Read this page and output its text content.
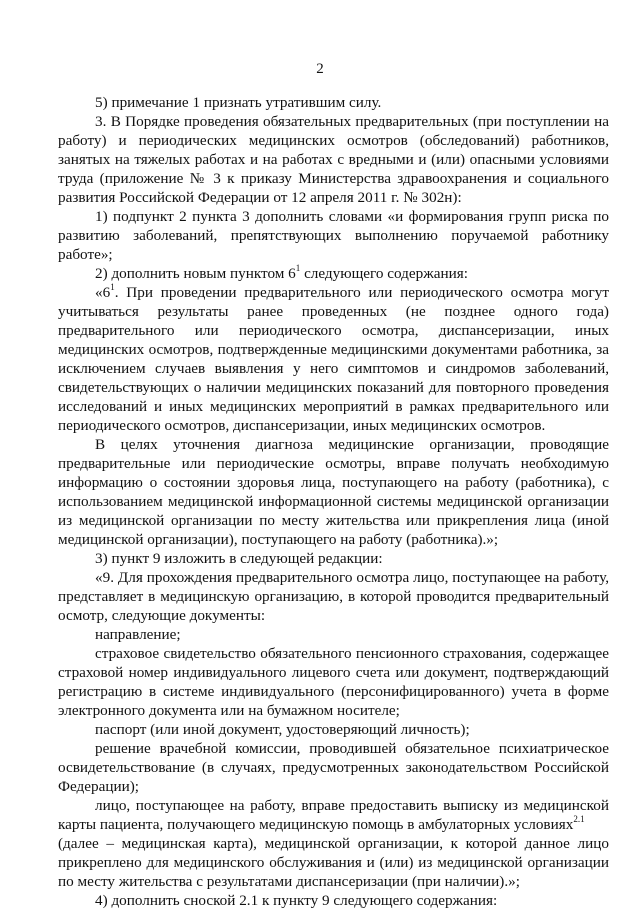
2

5) примечание 1 признать утратившим силу.

3. В Порядке проведения обязательных предварительных (при поступлении на работу) и периодических медицинских осмотров (обследований) работников, занятых на тяжелых работах и на работах с вредными и (или) опасными условиями труда (приложение № 3 к приказу Министерства здравоохранения и социального развития Российской Федерации от 12 апреля 2011 г. № 302н):

1) подпункт 2 пункта 3 дополнить словами «и формирования групп риска по развитию заболеваний, препятствующих выполнению поручаемой работнику работе»;

2) дополнить новым пунктом $6^1$ следующего содержания:

«$6^1$. При проведении предварительного или периодического осмотра могут учитываться результаты ранее проведенных (не позднее одного года) предварительного или периодического осмотра, диспансеризации, иных медицинских осмотров, подтвержденные медицинскими документами работника, за исключением случаев выявления у него симптомов и синдромов заболеваний, свидетельствующих о наличии медицинских показаний для повторного проведения исследований и иных медицинских мероприятий в рамках предварительного или периодического осмотров, диспансеризации, иных медицинских осмотров.

В целях уточнения диагноза медицинские организации, проводящие предварительные или периодические осмотры, вправе получать необходимую информацию о состоянии здоровья лица, поступающего на работу (работника), с использованием медицинской информационной системы медицинской организации из медицинской организации по месту жительства или прикрепления лица (иной медицинской организации), поступающего на работу (работника).»;

3) пункт 9 изложить в следующей редакции:

«9. Для прохождения предварительного осмотра лицо, поступающее на работу, представляет в медицинскую организацию, в которой проводится предварительный осмотр, следующие документы:

направление;

страховое свидетельство обязательного пенсионного страхования, содержащее страховой номер индивидуального лицевого счета или документ, подтверждающий регистрацию в системе индивидуального (персонифицированного) учета в форме электронного документа или на бумажном носителе;

паспорт (или иной документ, удостоверяющий личность);

решение врачебной комиссии, проводившей обязательное психиатрическое освидетельствование (в случаях, предусмотренных законодательством Российской Федерации);

лицо, поступающее на работу, вправе предоставить выписку из медицинской карты пациента, получающего медицинскую помощь в амбулаторных условиях$^{2.1}$

(далее – медицинская карта), медицинской организации, к которой данное лицо прикреплено для медицинского обслуживания и (или) из медицинской организации по месту жительства с результатами диспансеризации (при наличии).»;

4) дополнить сноской 2.1 к пункту 9 следующего содержания:
